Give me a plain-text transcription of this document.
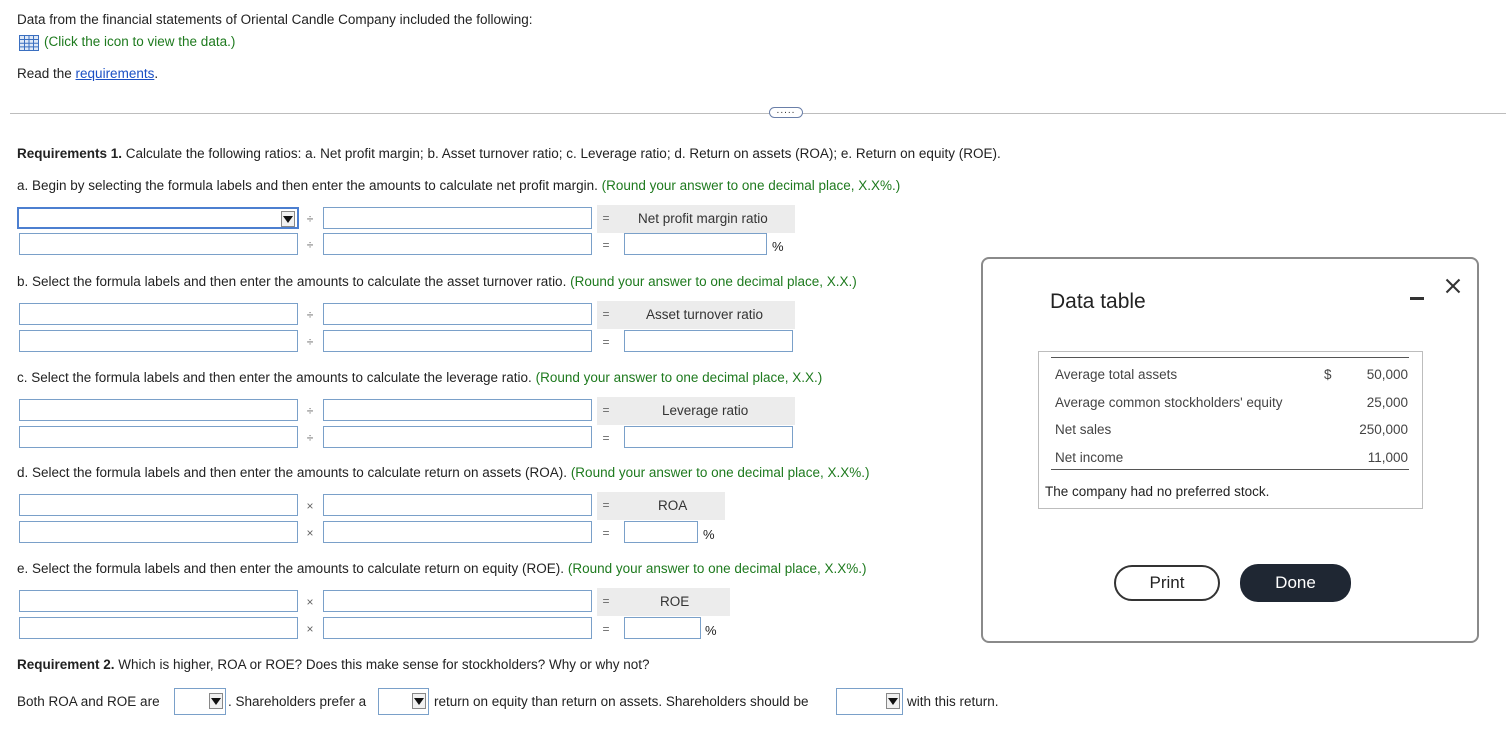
Data from the financial statements of Oriental Candle Company included the following:
(Click the icon to view the data.)
Read the requirements.
.....
Requirements 1. Calculate the following ratios: a. Net profit margin; b. Asset turnover ratio; c. Leverage ratio; d. Return on assets (ROA); e. Return on equity (ROE).
a. Begin by selecting the formula labels and then enter the amounts to calculate net profit margin. (Round your answer to one decimal place, X.X%.)
÷	= Net profit margin ratio
÷	=	%
b. Select the formula labels and then enter the amounts to calculate the asset turnover ratio. (Round your answer to one decimal place, X.X.)
÷	=	Asset turnover ratio
÷	=
c. Select the formula labels and then enter the amounts to calculate the leverage ratio. (Round your answer to one decimal place, X.X.)
÷	=	Leverage ratio
÷	=
d. Select the formula labels and then enter the amounts to calculate return on assets (ROA). (Round your answer to one decimal place, X.X%.)
×	=	ROA
×	=	%
e. Select the formula labels and then enter the amounts to calculate return on equity (ROE). (Round your answer to one decimal place, X.X%.)
×	=	ROE
×	=	%
Requirement 2. Which is higher, ROA or ROE? Does this make sense for stockholders? Why or why not?
Both ROA and ROE are	. Shareholders prefer a	return on equity than return on assets. Shareholders should be	with this return.
Data table
Average total assets	$	50,000
Average common stockholders' equity	25,000
Net sales	250,000
Net income	11,000
The company had no preferred stock.
Print	Done
